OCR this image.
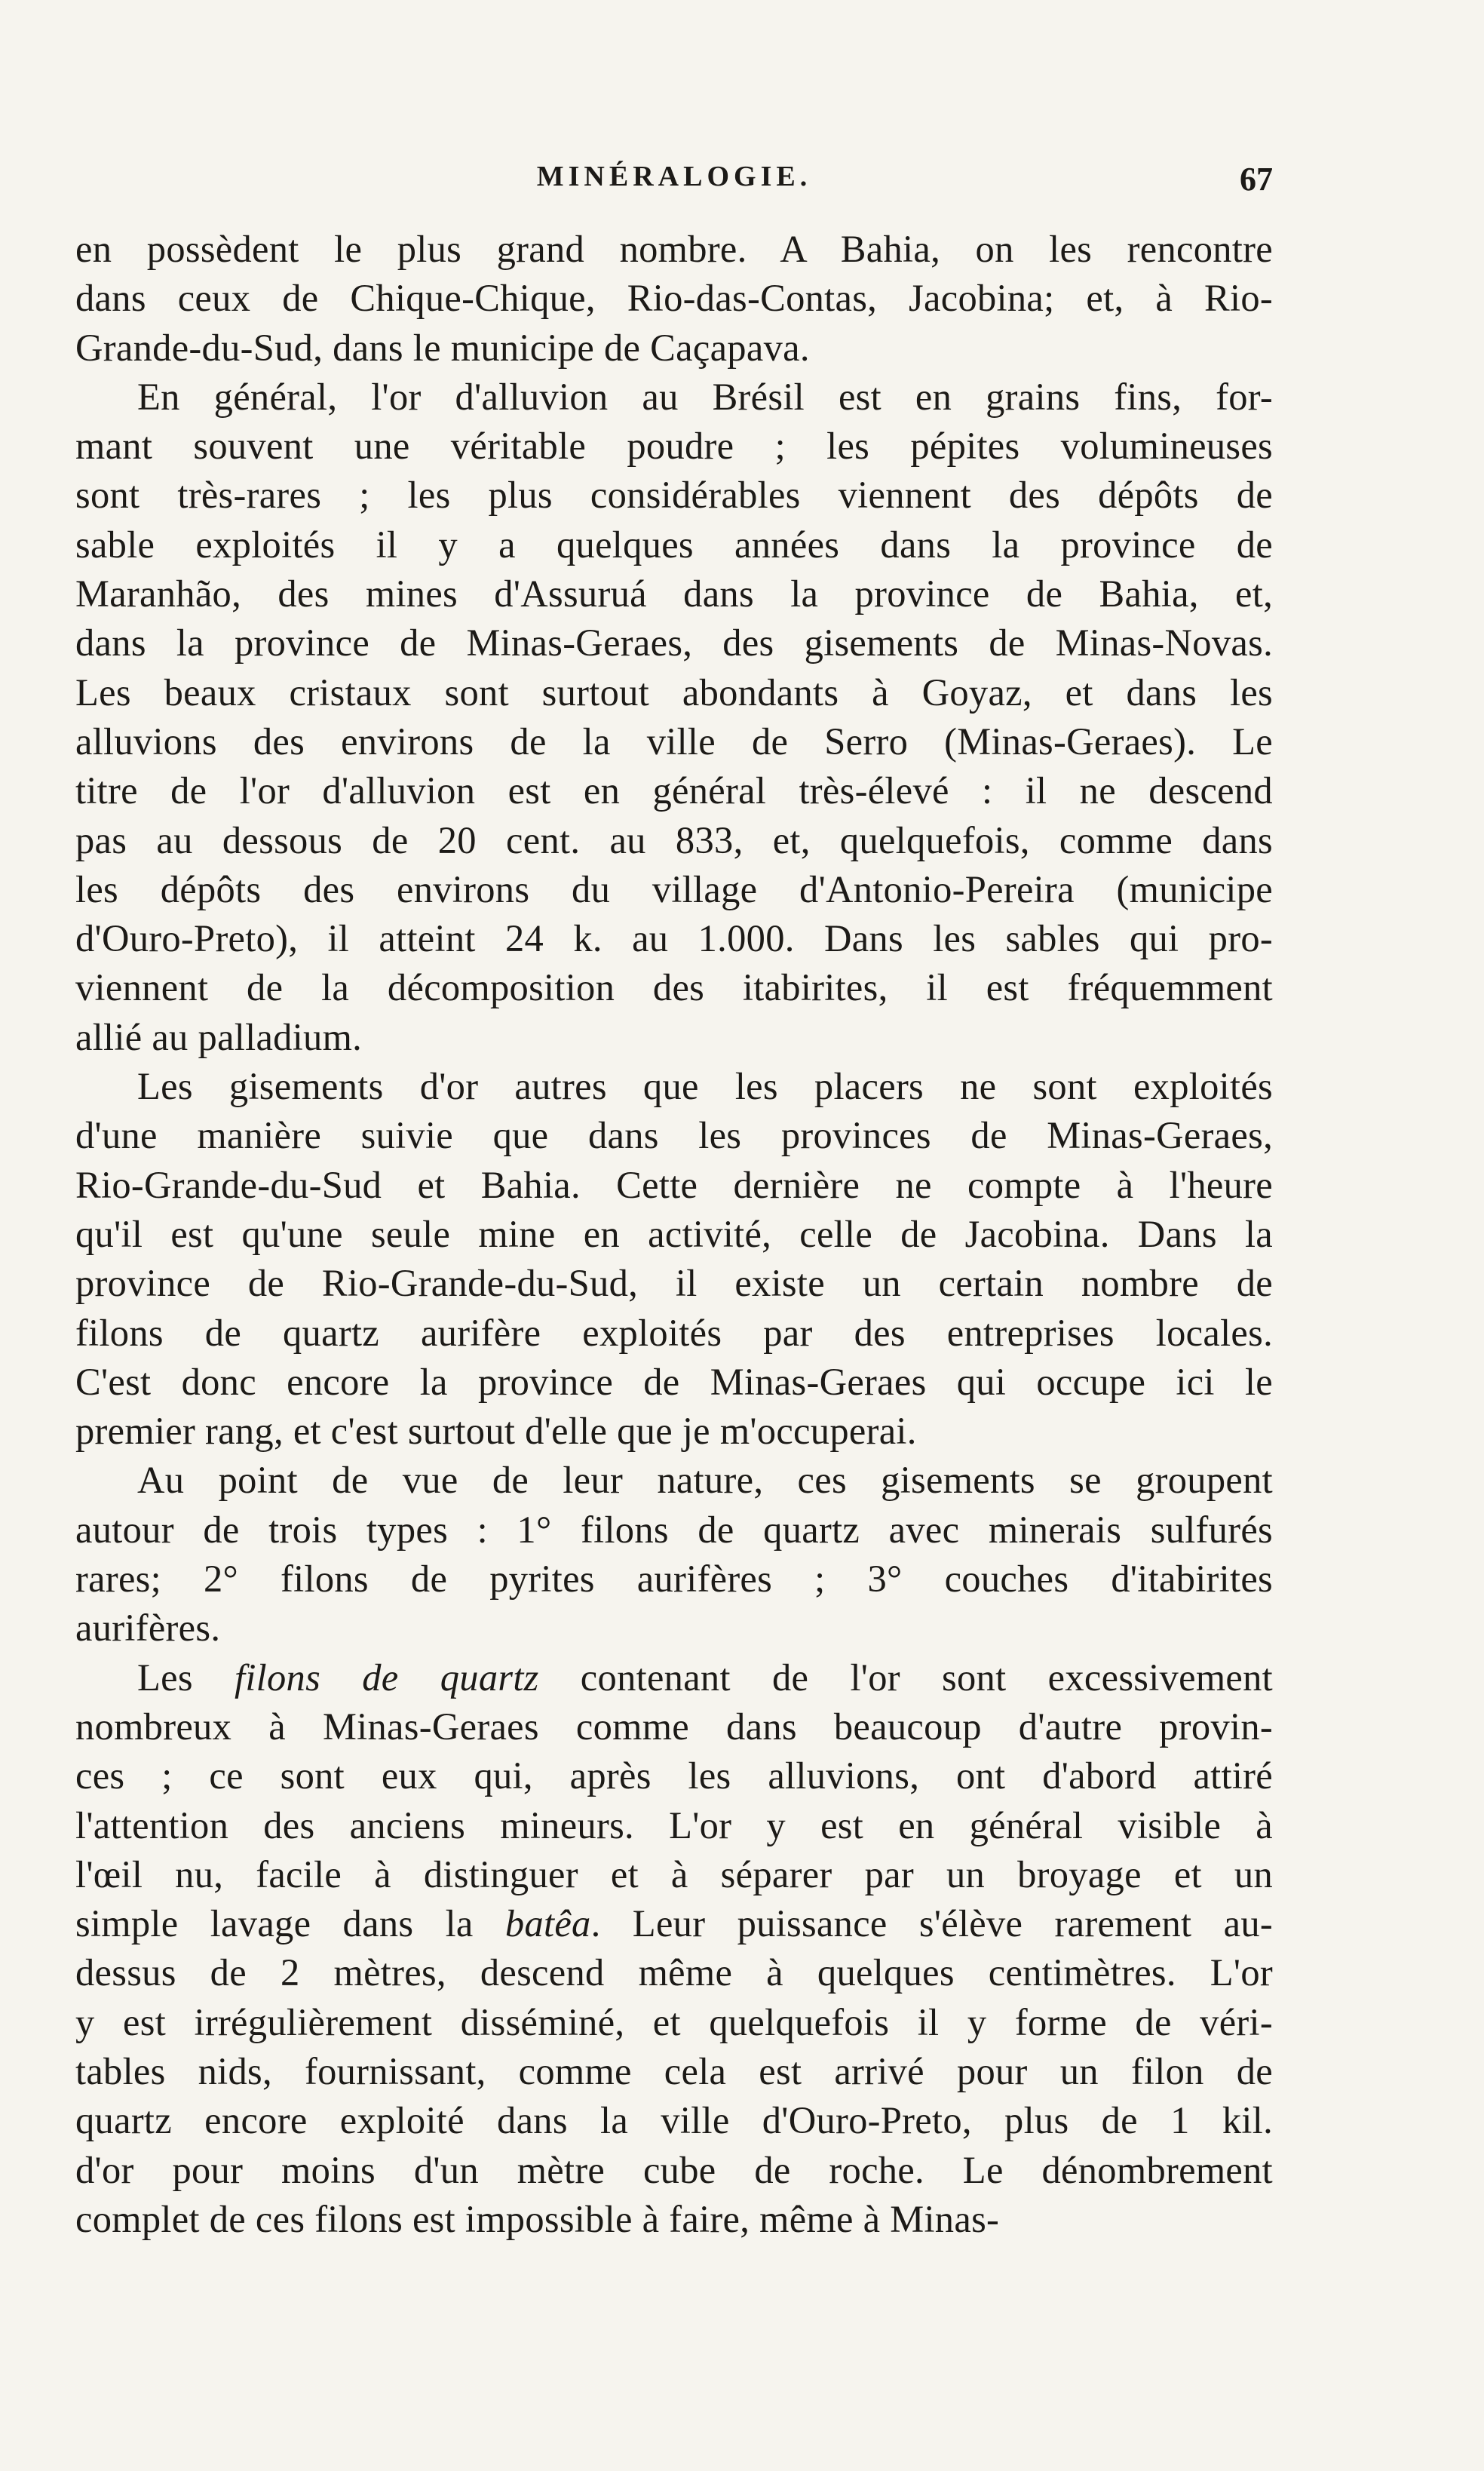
MINÉRALOGIE.	67

en possèdent le plus grand nombre. A Bahia, on les rencontre
dans ceux de Chique-Chique, Rio-das-Contas, Jacobina; et, à Rio-
Grande-du-Sud, dans le municipe de Caçapava.

En général, l'or d'alluvion au Brésil est en grains fins, for-
mant souvent une véritable poudre ; les pépites volumineuses
sont très-rares ; les plus considérables viennent des dépôts de
sable exploités il y a quelques années dans la province de
Maranhão, des mines d'Assuruá dans la province de Bahia, et,
dans la province de Minas-Geraes, des gisements de Minas-Novas.
Les beaux cristaux sont surtout abondants à Goyaz, et dans les
alluvions des environs de la ville de Serro (Minas-Geraes). Le
titre de l'or d'alluvion est en général très-élevé : il ne descend
pas au dessous de 20 cent. au 833, et, quelquefois, comme dans
les dépôts des environs du village d'Antonio-Pereira (municipe
d'Ouro-Preto), il atteint 24 k. au 1.000. Dans les sables qui pro-
viennent de la décomposition des itabirites, il est fréquemment
allié au palladium.

Les gisements d'or autres que les placers ne sont exploités
d'une manière suivie que dans les provinces de Minas-Geraes,
Rio-Grande-du-Sud et Bahia. Cette dernière ne compte à l'heure
qu'il est qu'une seule mine en activité, celle de Jacobina. Dans la
province de Rio-Grande-du-Sud, il existe un certain nombre de
filons de quartz aurifère exploités par des entreprises locales.
C'est donc encore la province de Minas-Geraes qui occupe ici le
premier rang, et c'est surtout d'elle que je m'occuperai.

Au point de vue de leur nature, ces gisements se groupent
autour de trois types : 1° filons de quartz avec minerais sulfurés
rares; 2° filons de pyrites aurifères ; 3° couches d'itabirites
aurifères.

Les filons de quartz contenant de l'or sont excessivement
nombreux à Minas-Geraes comme dans beaucoup d'autre provin-
ces ; ce sont eux qui, après les alluvions, ont d'abord attiré
l'attention des anciens mineurs. L'or y est en général visible à
l'œil nu, facile à distinguer et à séparer par un broyage et un
simple lavage dans la batêa. Leur puissance s'élève rarement au-
dessus de 2 mètres, descend même à quelques centimètres. L'or
y est irrégulièrement disséminé, et quelquefois il y forme de véri-
tables nids, fournissant, comme cela est arrivé pour un filon de
quartz encore exploité dans la ville d'Ouro-Preto, plus de 1 kil.
d'or pour moins d'un mètre cube de roche. Le dénombrement
complet de ces filons est impossible à faire, même à Minas-
